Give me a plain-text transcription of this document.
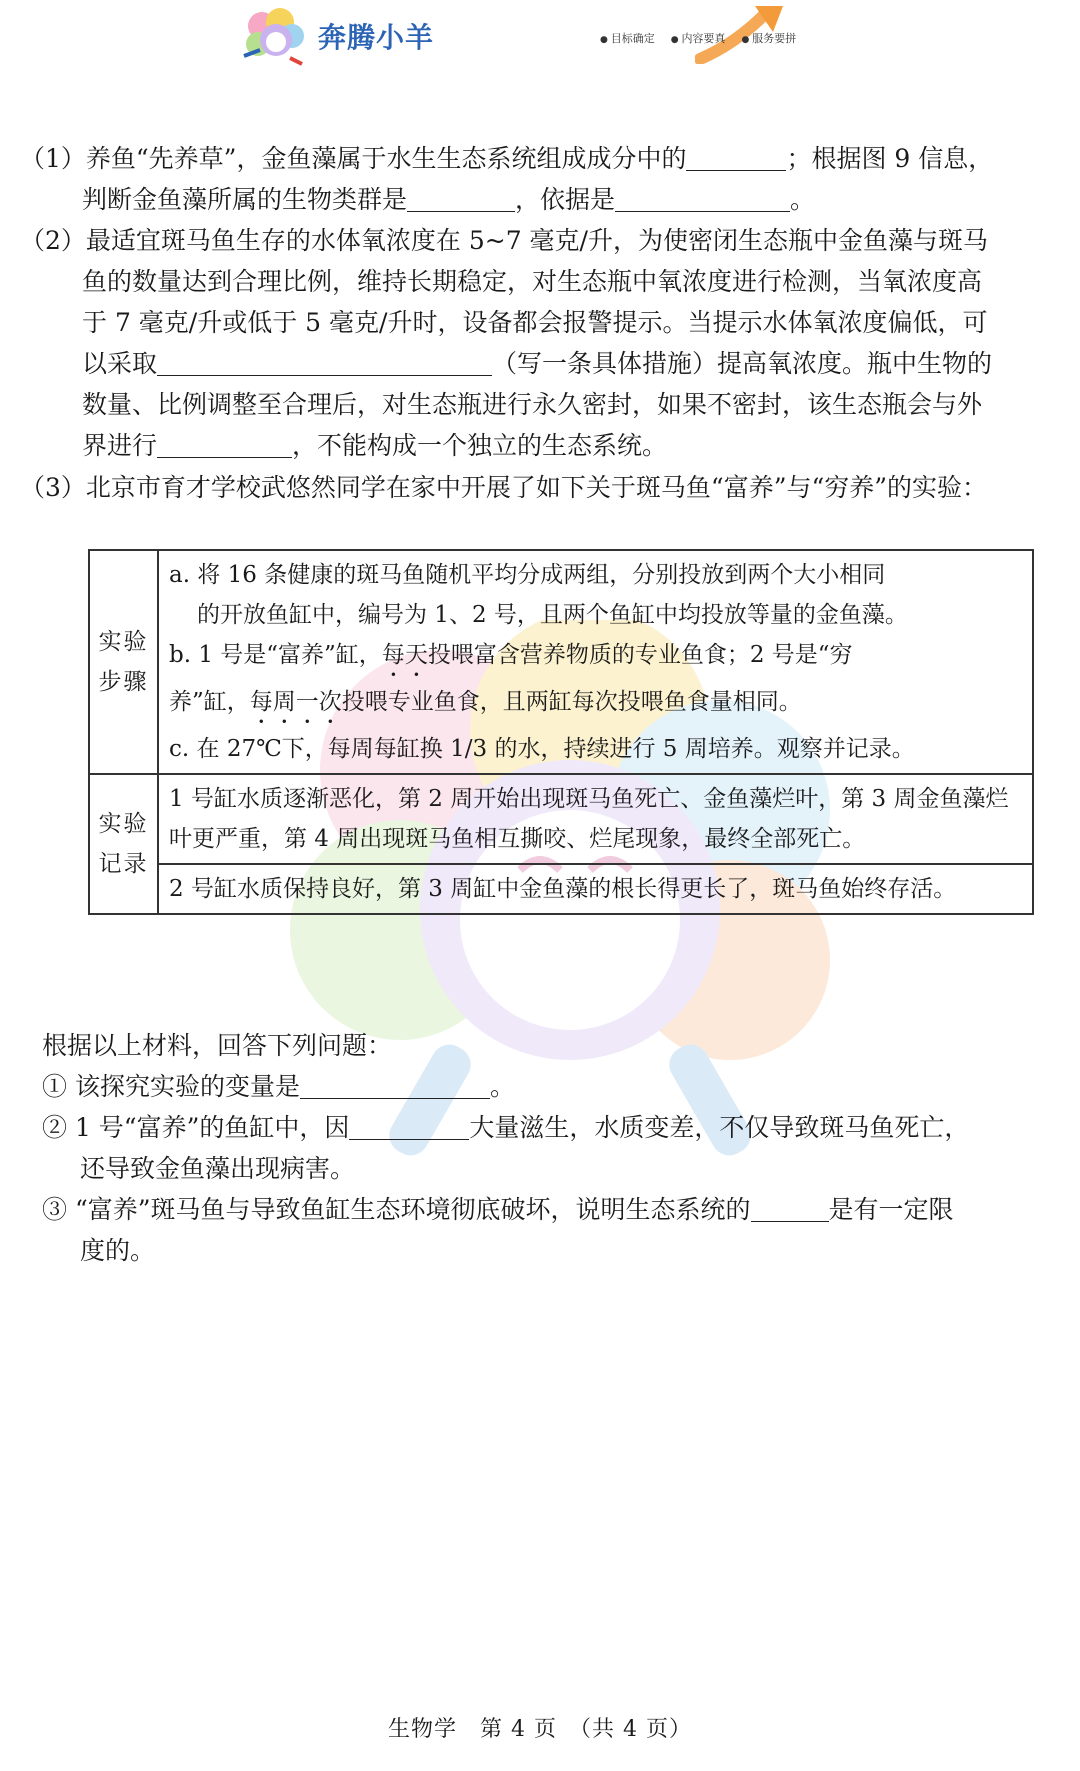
奔腾小羊	● 目标确定	● 内容要真	● 服务要拼

（1）养鱼“先养草”，金鱼藻属于水生生态系统组成成分中的	；根据图 9 信息，

判断金鱼藻所属的生物类群是	，依据是	。

（2）最适宜斑马鱼生存的水体氧浓度在 5~7 毫克/升，为使密闭生态瓶中金鱼藻与斑马

鱼的数量达到合理比例，维持长期稳定，对生态瓶中氧浓度进行检测，当氧浓度高

于 7 毫克/升或低于 5 毫克/升时，设备都会报警提示。当提示水体氧浓度偏低，可

以采取	（写一条具体措施）提高氧浓度。瓶中生物的

数量、比例调整至合理后，对生态瓶进行永久密封，如果不密封，该生态瓶会与外

界进行	，不能构成一个独立的生态系统。

（3）北京市育才学校武悠然同学在家中开展了如下关于斑马鱼“富养”与“穷养”的实验：

实验步骤	a. 将 16 条健康的斑马鱼随机平均分成两组，分别投放到两个大小相同
的开放鱼缸中，编号为 1、2 号，且两个鱼缸中均投放等量的金鱼藻。
b. 1 号是“富养”缸，每天投喂富含营养物质的专业鱼食；2 号是“穷
养”缸，每周一次投喂专业鱼食，且两缸每次投喂鱼食量相同。
c. 在 27℃下，每周每缸换 1/3 的水，持续进行 5 周培养。观察并记录。

实验记录	1 号缸水质逐渐恶化，第 2 周开始出现斑马鱼死亡、金鱼藻烂叶，第 3 周金鱼藻烂叶更严重，第 4 周出现斑马鱼相互撕咬、烂尾现象，最终全部死亡。
	2 号缸水质保持良好，第 3 周缸中金鱼藻的根长得更长了，斑马鱼始终存活。

根据以上材料，回答下列问题：

① 该探究实验的变量是	。

② 1 号“富养”的鱼缸中，因	大量滋生，水质变差，不仅导致斑马鱼死亡，

还导致金鱼藻出现病害。

③ “富养”斑马鱼与导致鱼缸生态环境彻底破坏，说明生态系统的	是有一定限

度的。

生物学　第 4 页　（共 4 页）
